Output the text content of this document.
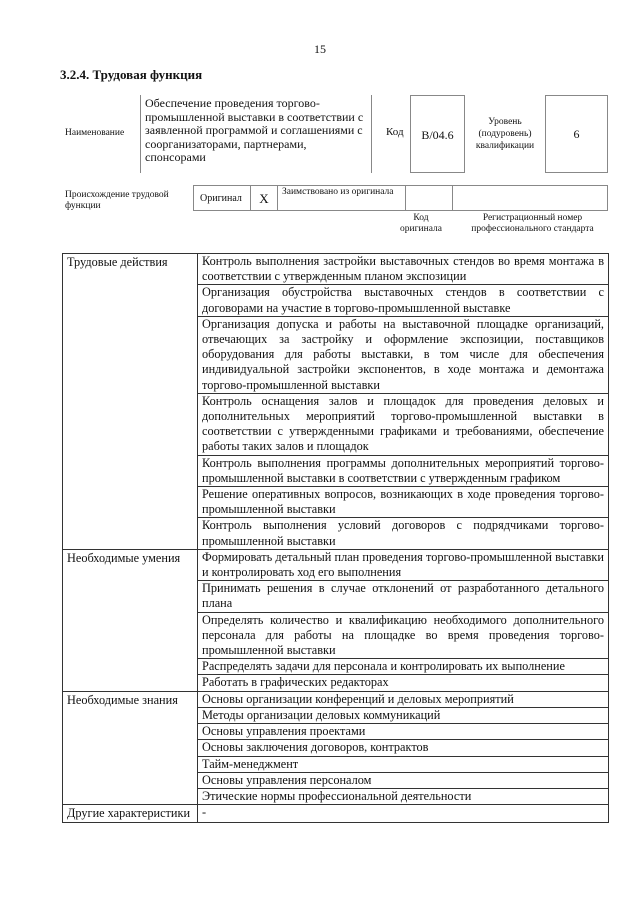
15
3.2.4. Трудовая функция
Наименование
Обеспечение проведения торгово-промышленной выставки в соответствии с заявленной программой и соглашениями с соорганизаторами, партнерами, спонсорами
Код	B/04.6
Уровень (подуровень) квалификации
6
Происхождение трудовой функции
Оригинал	X	Заимствовано из оригинала
Код оригинала
Регистрационный номер профессионального стандарта
Трудовые действия	Контроль выполнения застройки выставочных стендов во время монтажа в соответствии с утвержденным планом экспозиции
	Организация обустройства выставочных стендов в соответствии с договорами на участие в торгово-промышленной выставке
	Организация допуска и работы на выставочной площадке организаций, отвечающих за застройку и оформление экспозиции, поставщиков оборудования для работы выставки, в том числе для обеспечения индивидуальной застройки экспонентов, в ходе монтажа и демонтажа торгово-промышленной выставки
	Контроль оснащения залов и площадок для проведения деловых и дополнительных мероприятий торгово-промышленной выставки в соответствии с утвержденными графиками и требованиями, обеспечение работы таких залов и площадок
	Контроль выполнения программы дополнительных мероприятий торгово-промышленной выставки в соответствии с утвержденным графиком
	Решение оперативных вопросов, возникающих в ходе проведения торгово-промышленной выставки
	Контроль выполнения условий договоров с подрядчиками торгово-промышленной выставки
Необходимые умения	Формировать детальный план проведения торгово-промышленной выставки и контролировать ход его выполнения
	Принимать решения в случае отклонений от разработанного детального плана
	Определять количество и квалификацию необходимого дополнительного персонала для работы на площадке во время проведения торгово-промышленной выставки
	Распределять задачи для персонала и контролировать их выполнение
	Работать в графических редакторах
Необходимые знания	Основы организации конференций и деловых мероприятий
	Методы организации деловых коммуникаций
	Основы управления проектами
	Основы заключения договоров, контрактов
	Тайм-менеджмент
	Основы управления персоналом
	Этические нормы профессиональной деятельности
Другие характеристики	-
